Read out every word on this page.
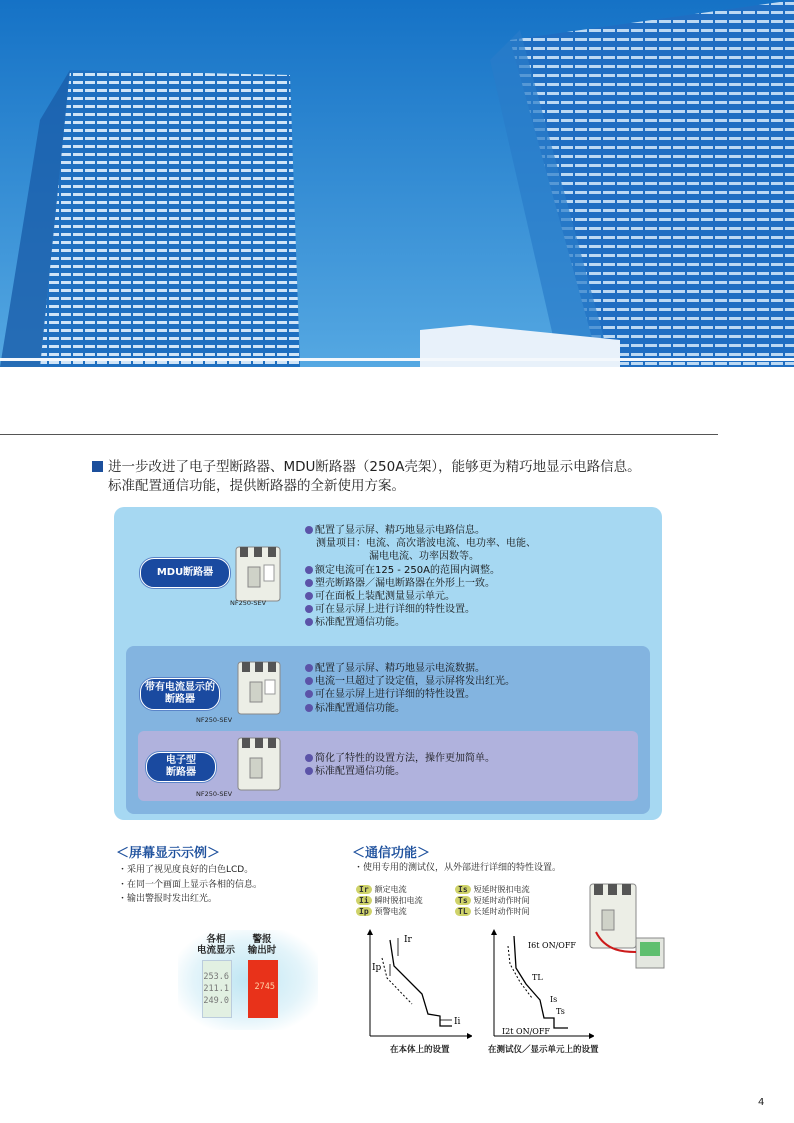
进一步改进了电子型断路器、MDU断路器（250A壳架），能够更为精巧地显示电路信息。
标准配置通信功能，提供断路器的全新使用方案。
MDU断路器
NF250-SEV
配置了显示屏、精巧地显示电路信息。
测量项目：电流、高次谐波电流、电功率、电能、
漏电电流、功率因数等。
额定电流可在125 - 250A的范围内调整。
塑壳断路器／漏电断路器在外形上一致。
可在面板上装配测量显示单元。
可在显示屏上进行详细的特性设置。
标准配置通信功能。
带有电流显示的
断路器
NF250-SEV
配置了显示屏、精巧地显示电流数据。
电流一旦超过了设定值，显示屏将发出红光。
可在显示屏上进行详细的特性设置。
标准配置通信功能。
电子型
断路器
NF250-SEV
简化了特性的设置方法，操作更加简单。
标准配置通信功能。
＜屏幕显示示例＞
・采用了视见度良好的白色LCD。
・在同一个画面上显示各相的信息。
・输出警报时发出红光。
各相
电流显示
警报
输出时
253.6
211.1
249.0
2745
＜通信功能＞
・使用专用的测试仪，从外部进行详细的特性设置。
Ir 额定电流
Ii 瞬时脱扣电流
Ip 预警电流
Is 短延时脱扣电流
Ts 短延时动作时间
TL 长延时动作时间
Ir
Ip
Ii
在本体上的设置
I6t ON/OFF
TL
Is
Ts
I2t ON/OFF
在测试仪／显示单元上的设置
4
